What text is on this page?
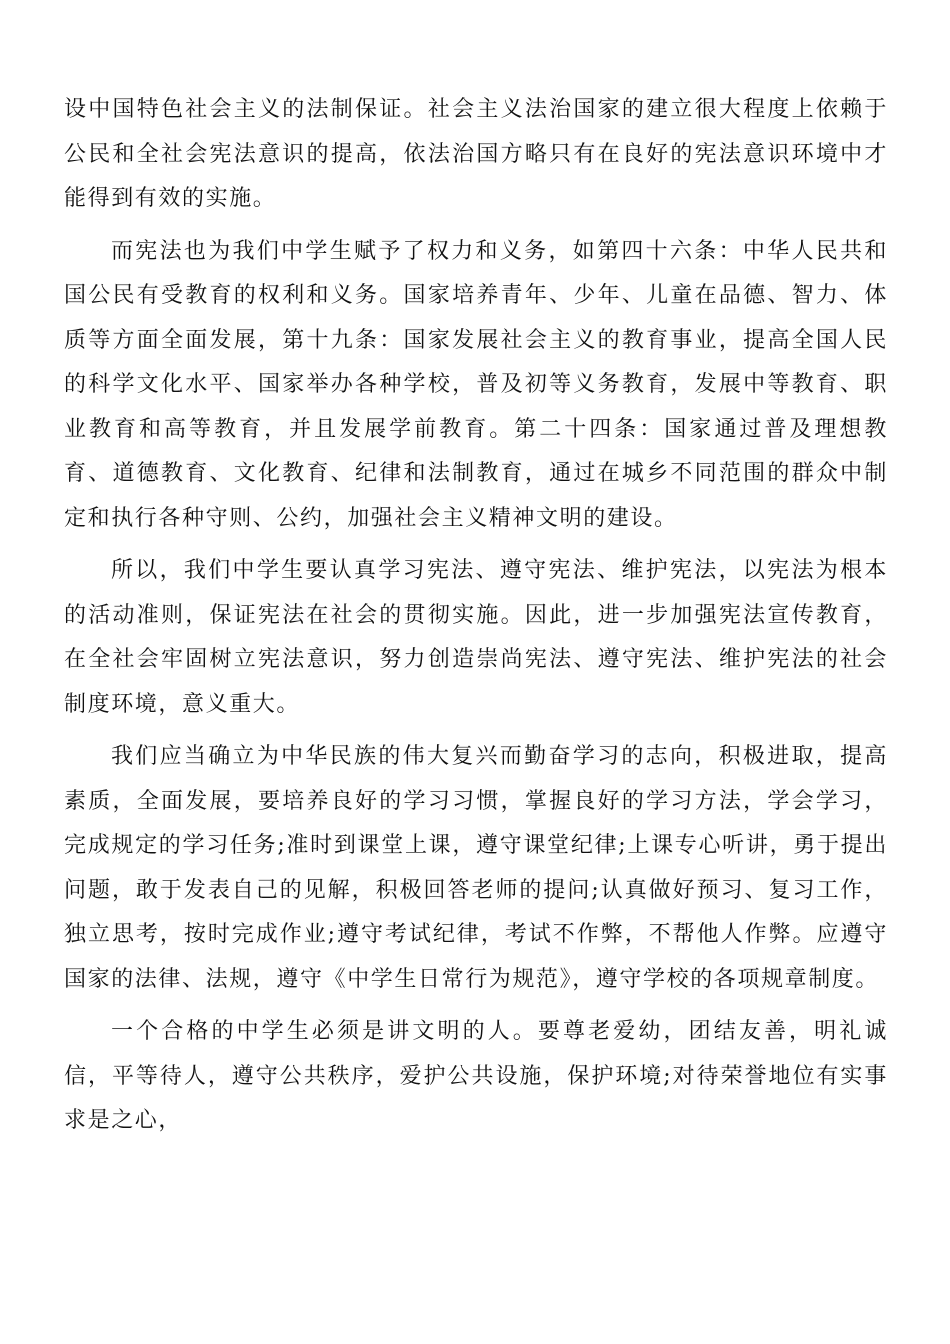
设中国特色社会主义的法制保证。社会主义法治国家的建立很大程度上依赖于公民和全社会宪法意识的提高，依法治国方略只有在良好的宪法意识环境中才能得到有效的实施。

而宪法也为我们中学生赋予了权力和义务，如第四十六条：中华人民共和国公民有受教育的权利和义务。国家培养青年、少年、儿童在品德、智力、体质等方面全面发展，第十九条：国家发展社会主义的教育事业，提高全国人民的科学文化水平、国家举办各种学校，普及初等义务教育，发展中等教育、职业教育和高等教育，并且发展学前教育。第二十四条：国家通过普及理想教育、道德教育、文化教育、纪律和法制教育，通过在城乡不同范围的群众中制定和执行各种守则、公约，加强社会主义精神文明的建设。

所以，我们中学生要认真学习宪法、遵守宪法、维护宪法，以宪法为根本的活动准则，保证宪法在社会的贯彻实施。因此，进一步加强宪法宣传教育，在全社会牢固树立宪法意识，努力创造崇尚宪法、遵守宪法、维护宪法的社会制度环境，意义重大。

我们应当确立为中华民族的伟大复兴而勤奋学习的志向，积极进取，提高素质，全面发展，要培养良好的学习习惯，掌握良好的学习方法，学会学习，完成规定的学习任务;准时到课堂上课，遵守课堂纪律;上课专心听讲，勇于提出问题，敢于发表自己的见解，积极回答老师的提问;认真做好预习、复习工作，独立思考，按时完成作业;遵守考试纪律，考试不作弊，不帮他人作弊。应遵守国家的法律、法规，遵守《中学生日常行为规范》，遵守学校的各项规章制度。

一个合格的中学生必须是讲文明的人。要尊老爱幼，团结友善，明礼诚信，平等待人，遵守公共秩序，爱护公共设施，保护环境;对待荣誉地位有实事求是之心，
